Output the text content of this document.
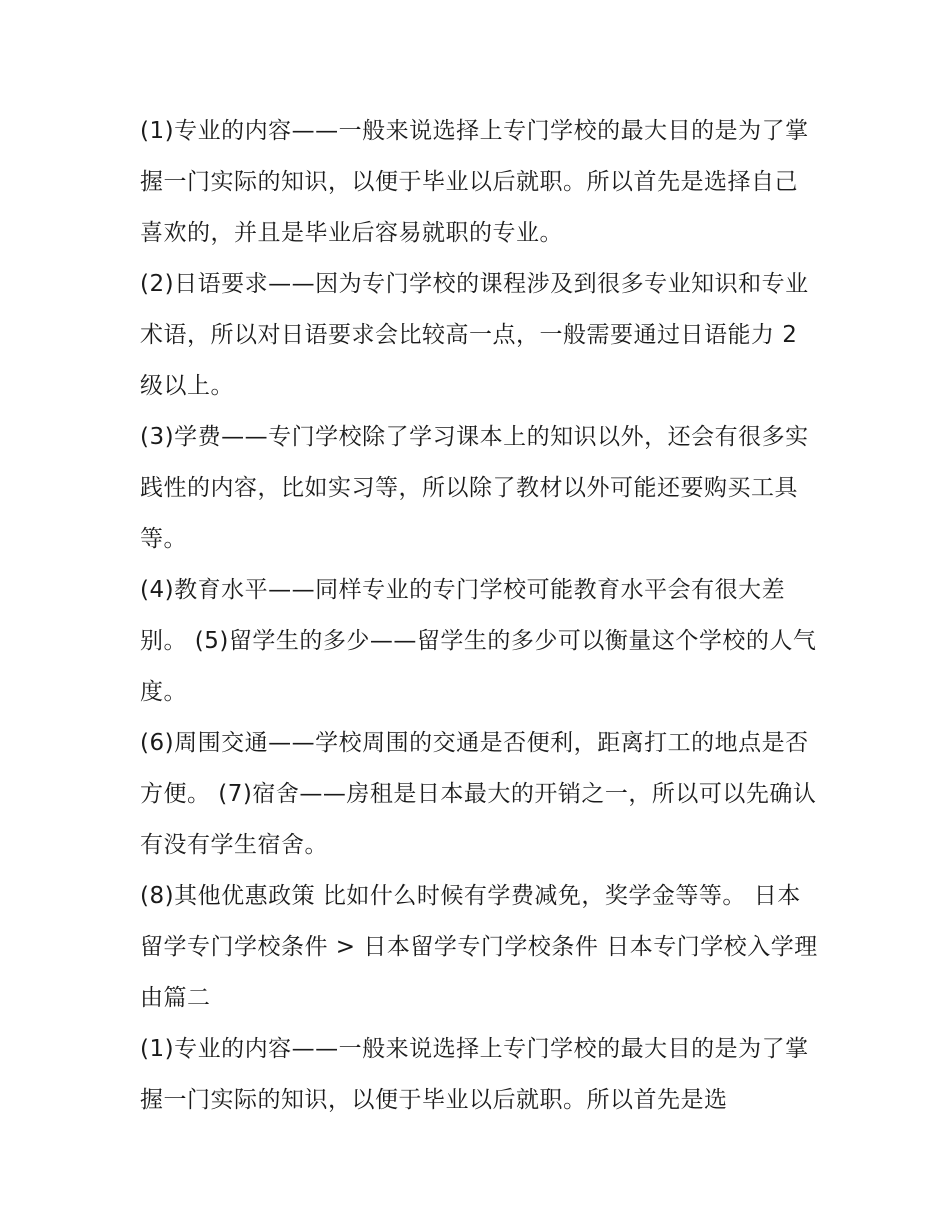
(1)专业的内容——一般来说选择上专门学校的最大目的是为了掌握一门实际的知识，以便于毕业以后就职。所以首先是选择自己喜欢的，并且是毕业后容易就职的专业。

(2)日语要求——因为专门学校的课程涉及到很多专业知识和专业术语，所以对日语要求会比较高一点，一般需要通过日语能力 2 级以上。

(3)学费——专门学校除了学习课本上的知识以外，还会有很多实践性的内容，比如实习等，所以除了教材以外可能还要购买工具等。

(4)教育水平——同样专业的专门学校可能教育水平会有很大差别。 (5)留学生的多少——留学生的多少可以衡量这个学校的人气度。

(6)周围交通——学校周围的交通是否便利，距离打工的地点是否方便。 (7)宿舍——房租是日本最大的开销之一，所以可以先确认有没有学生宿舍。

(8)其他优惠政策 比如什么时候有学费减免，奖学金等等。 日本留学专门学校条件 > 日本留学专门学校条件 日本专门学校入学理由篇二

(1)专业的内容——一般来说选择上专门学校的最大目的是为了掌握一门实际的知识，以便于毕业以后就职。所以首先是选
